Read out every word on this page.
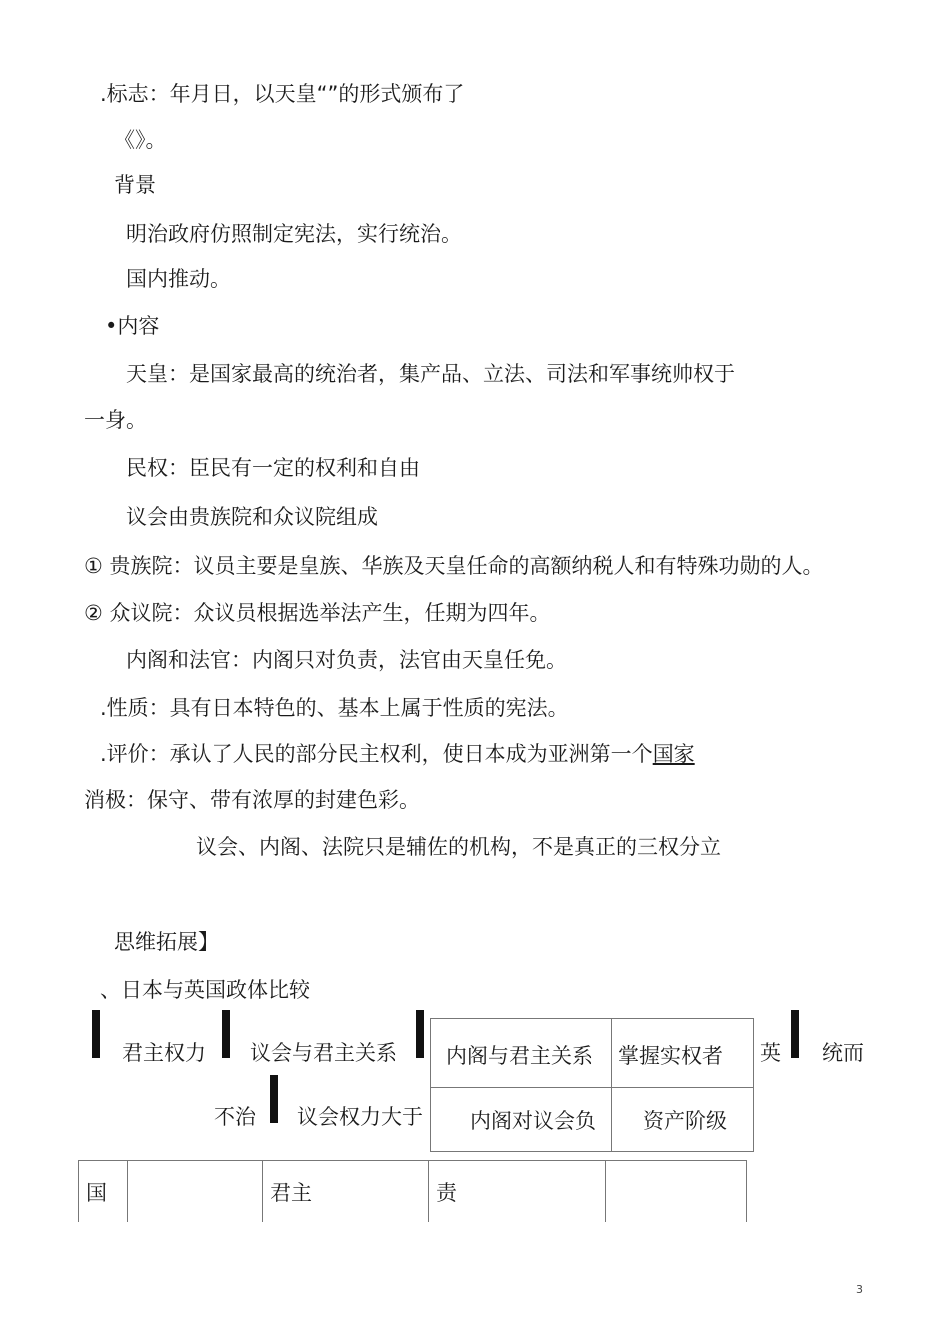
.标志：年月日，以天皇“”的形式颁布了
《》。
背景
明治政府仿照制定宪法，实行统治。
国内推动。
•内容
天皇：是国家最高的统治者，集产品、立法、司法和军事统帅权于
一身。
民权：臣民有一定的权利和自由
议会由贵族院和众议院组成
① 贵族院：议员主要是皇族、华族及天皇任命的高额纳税人和有特殊功勋的人。
② 众议院：众议员根据选举法产生，任期为四年。
内阁和法官：内阁只对负责，法官由天皇任免。
.性质：具有日本特色的、基本上属于性质的宪法。
.评价：承认了人民的部分民主权利，使日本成为亚洲第一个国家
消极：保守、带有浓厚的封建色彩。
议会、内阁、法院只是辅佐的机构，不是真正的三权分立
思维拓展】
、日本与英国政体比较
君主权力 议会与君主关系 内阁与君主关系 掌握实权者
内阁对议会负 资产阶级
英 统而
不治 议会权力大于
国	君主	责
3
